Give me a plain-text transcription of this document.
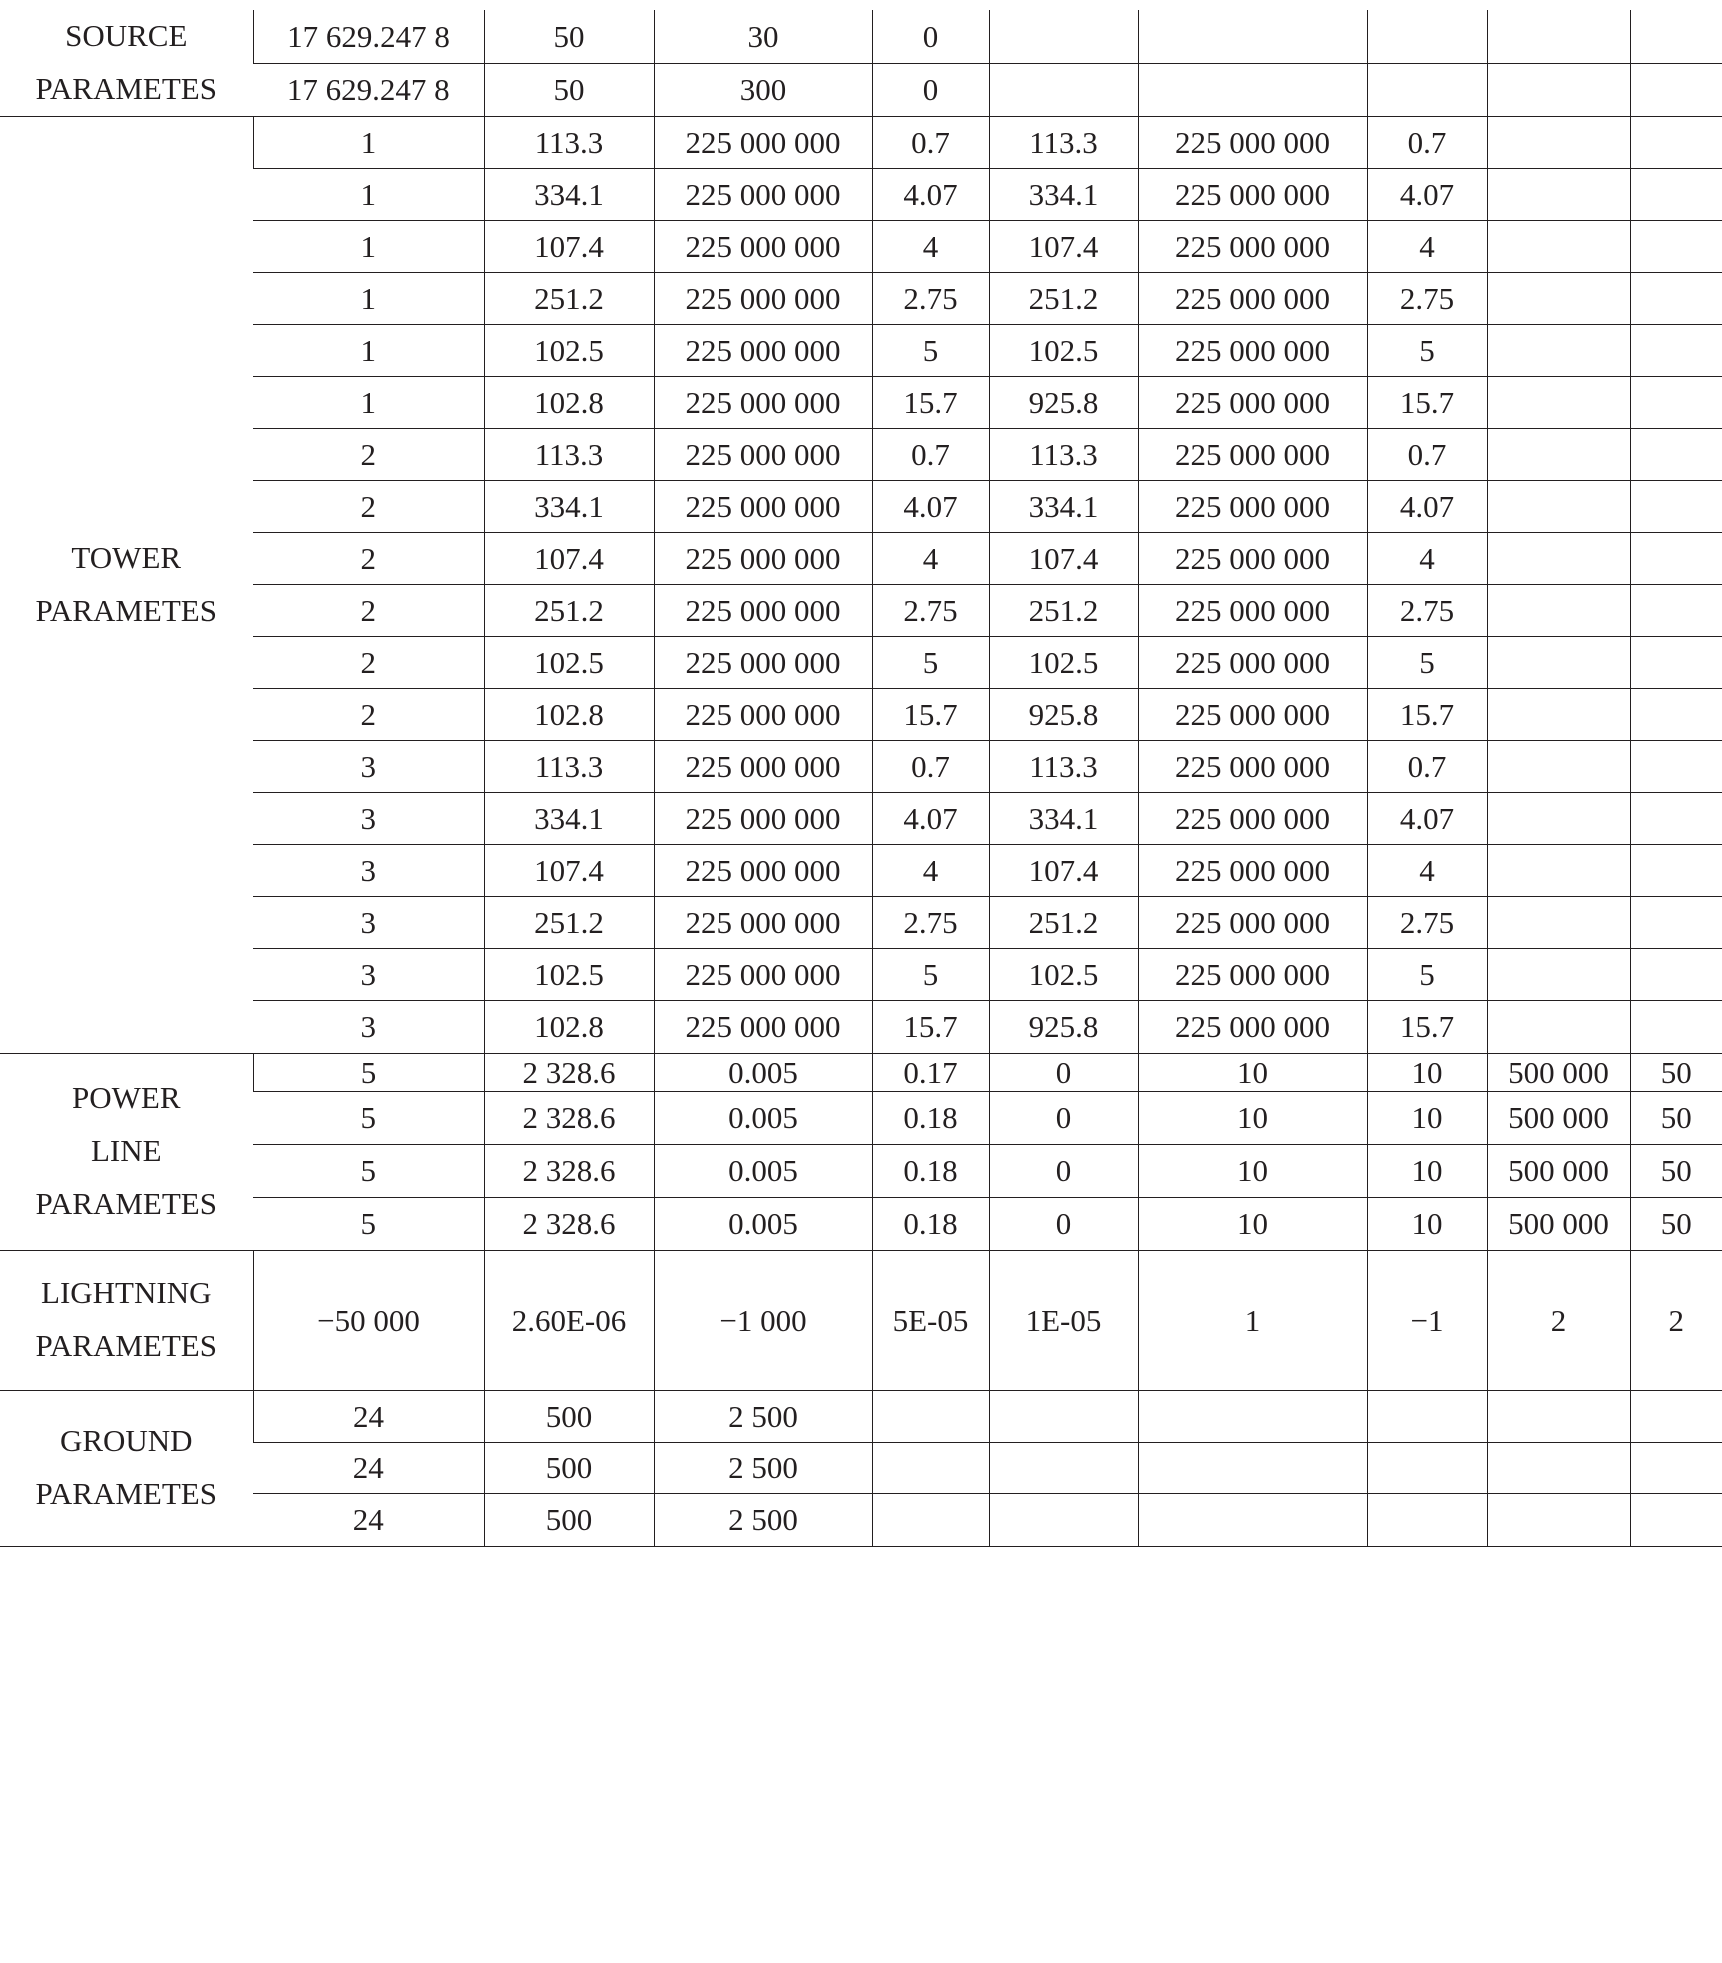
SOURCE
PARAMETES	17 629.247 8	50	30	0					
	17 629.247 8	50	300	0					

TOWER
PARAMETES	1	113.3	225 000 000	0.7	113.3	225 000 000	0.7		
	1	334.1	225 000 000	4.07	334.1	225 000 000	4.07		
	1	107.4	225 000 000	4	107.4	225 000 000	4		
	1	251.2	225 000 000	2.75	251.2	225 000 000	2.75		
	1	102.5	225 000 000	5	102.5	225 000 000	5		
	1	102.8	225 000 000	15.7	925.8	225 000 000	15.7		
	2	113.3	225 000 000	0.7	113.3	225 000 000	0.7		
	2	334.1	225 000 000	4.07	334.1	225 000 000	4.07		
	2	107.4	225 000 000	4	107.4	225 000 000	4		
	2	251.2	225 000 000	2.75	251.2	225 000 000	2.75		
	2	102.5	225 000 000	5	102.5	225 000 000	5		
	2	102.8	225 000 000	15.7	925.8	225 000 000	15.7		
	3	113.3	225 000 000	0.7	113.3	225 000 000	0.7		
	3	334.1	225 000 000	4.07	334.1	225 000 000	4.07		
	3	107.4	225 000 000	4	107.4	225 000 000	4		
	3	251.2	225 000 000	2.75	251.2	225 000 000	2.75		
	3	102.5	225 000 000	5	102.5	225 000 000	5		
	3	102.8	225 000 000	15.7	925.8	225 000 000	15.7		

POWER
LINE
PARAMETES	5	2 328.6	0.005	0.17	0	10	10	500 000	50
	5	2 328.6	0.005	0.18	0	10	10	500 000	50
	5	2 328.6	0.005	0.18	0	10	10	500 000	50
	5	2 328.6	0.005	0.18	0	10	10	500 000	50

LIGHTNING
PARAMETES	−50 000	2.60E-06	−1 000	5E-05	1E-05	1	−1	2	2

GROUND
PARAMETES	24	500	2 500						
	24	500	2 500						
	24	500	2 500						
